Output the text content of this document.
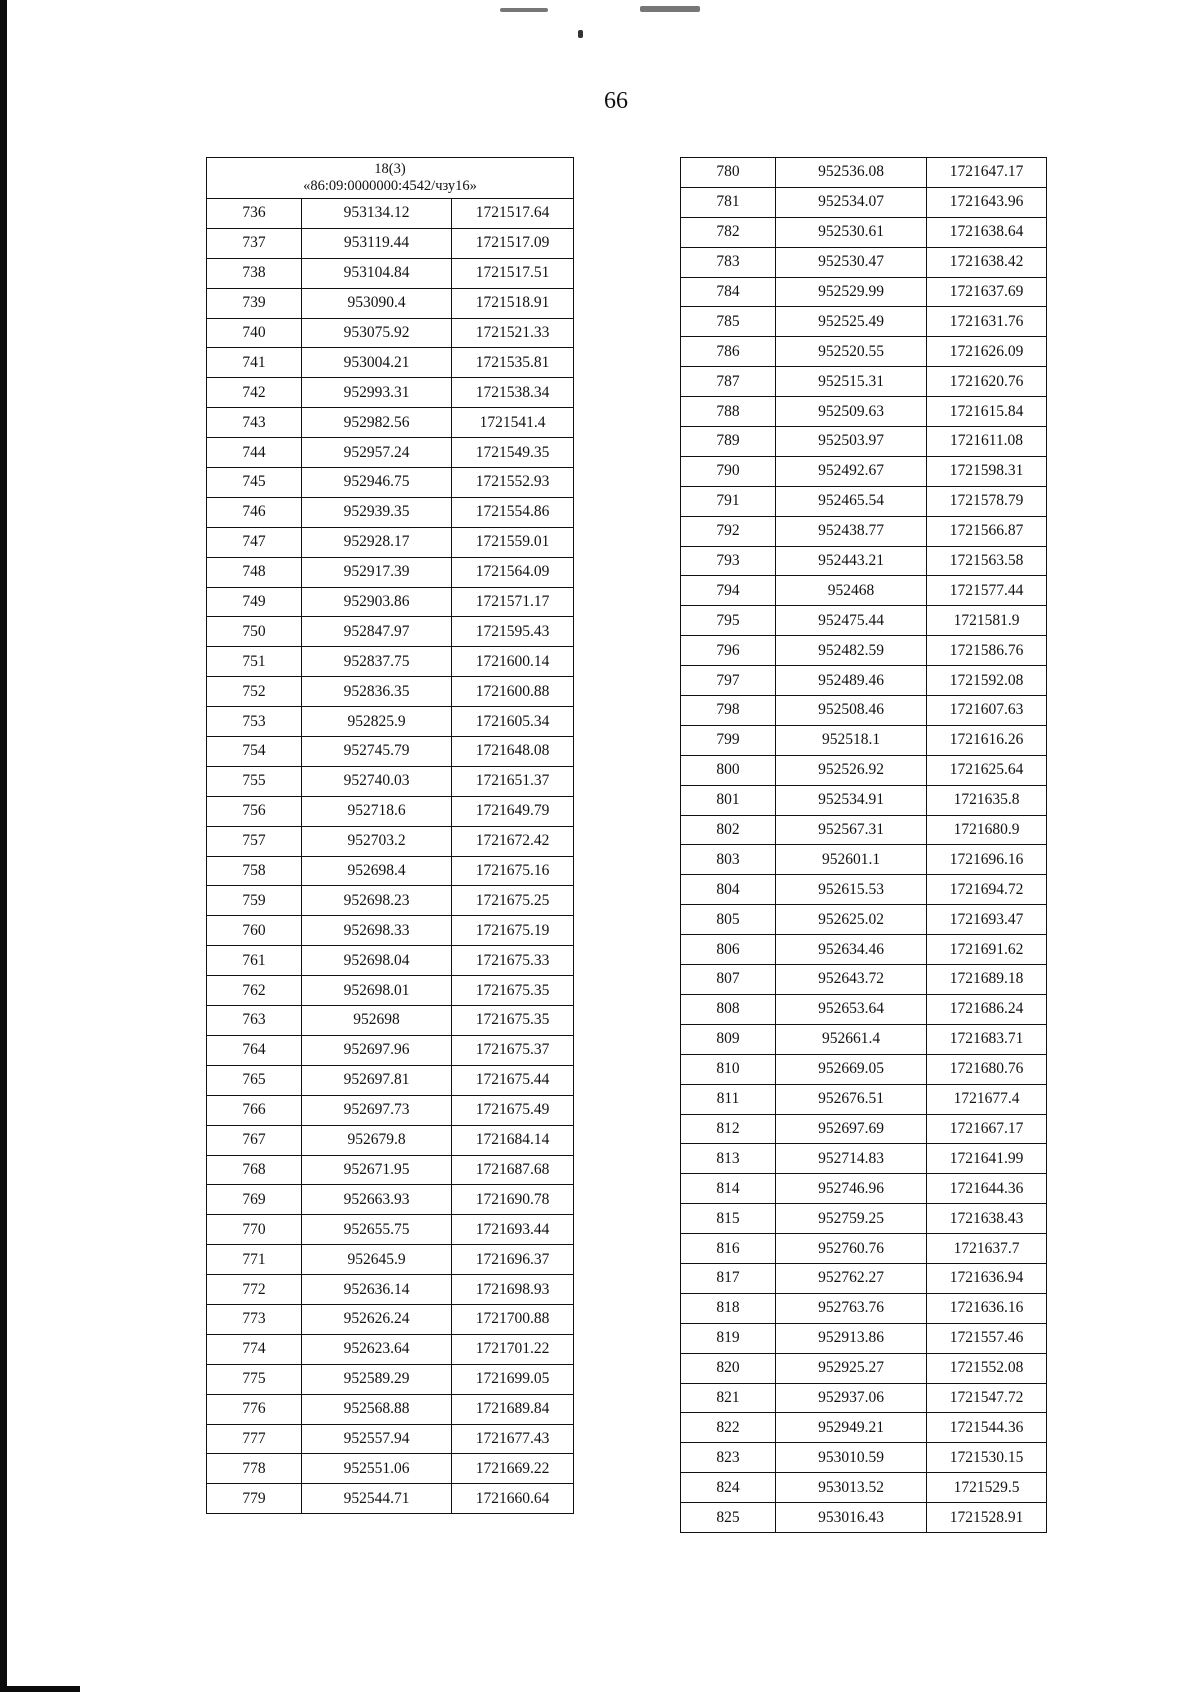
66
18(3)
«86:09:0000000:4542/чзу16»		

736	953134.12	1721517.64
737	953119.44	1721517.09
738	953104.84	1721517.51
739	953090.4	1721518.91
740	953075.92	1721521.33
741	953004.21	1721535.81
742	952993.31	1721538.34
743	952982.56	1721541.4
744	952957.24	1721549.35
745	952946.75	1721552.93
746	952939.35	1721554.86
747	952928.17	1721559.01
748	952917.39	1721564.09
749	952903.86	1721571.17
750	952847.97	1721595.43
751	952837.75	1721600.14
752	952836.35	1721600.88
753	952825.9	1721605.34
754	952745.79	1721648.08
755	952740.03	1721651.37
756	952718.6	1721649.79
757	952703.2	1721672.42
758	952698.4	1721675.16
759	952698.23	1721675.25
760	952698.33	1721675.19
761	952698.04	1721675.33
762	952698.01	1721675.35
763	952698	1721675.35
764	952697.96	1721675.37
765	952697.81	1721675.44
766	952697.73	1721675.49
767	952679.8	1721684.14
768	952671.95	1721687.68
769	952663.93	1721690.78
770	952655.75	1721693.44
771	952645.9	1721696.37
772	952636.14	1721698.93
773	952626.24	1721700.88
774	952623.64	1721701.22
775	952589.29	1721699.05
776	952568.88	1721689.84
777	952557.94	1721677.43
778	952551.06	1721669.22
779	952544.71	1721660.64
780	952536.08	1721647.17
781	952534.07	1721643.96
782	952530.61	1721638.64
783	952530.47	1721638.42
784	952529.99	1721637.69
785	952525.49	1721631.76
786	952520.55	1721626.09
787	952515.31	1721620.76
788	952509.63	1721615.84
789	952503.97	1721611.08
790	952492.67	1721598.31
791	952465.54	1721578.79
792	952438.77	1721566.87
793	952443.21	1721563.58
794	952468	1721577.44
795	952475.44	1721581.9
796	952482.59	1721586.76
797	952489.46	1721592.08
798	952508.46	1721607.63
799	952518.1	1721616.26
800	952526.92	1721625.64
801	952534.91	1721635.8
802	952567.31	1721680.9
803	952601.1	1721696.16
804	952615.53	1721694.72
805	952625.02	1721693.47
806	952634.46	1721691.62
807	952643.72	1721689.18
808	952653.64	1721686.24
809	952661.4	1721683.71
810	952669.05	1721680.76
811	952676.51	1721677.4
812	952697.69	1721667.17
813	952714.83	1721641.99
814	952746.96	1721644.36
815	952759.25	1721638.43
816	952760.76	1721637.7
817	952762.27	1721636.94
818	952763.76	1721636.16
819	952913.86	1721557.46
820	952925.27	1721552.08
821	952937.06	1721547.72
822	952949.21	1721544.36
823	953010.59	1721530.15
824	953013.52	1721529.5
825	953016.43	1721528.91
